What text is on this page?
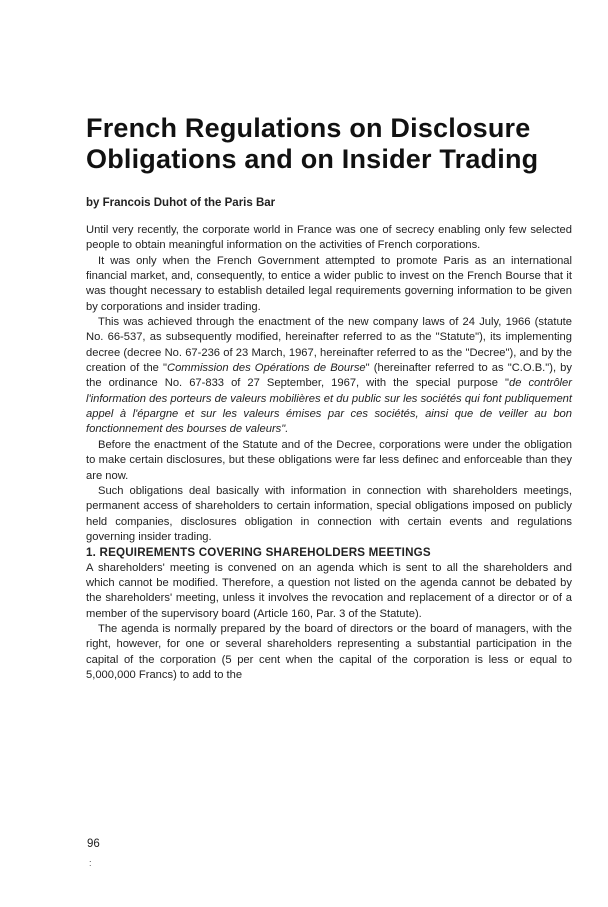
French Regulations on Disclosure
Obligations and on Insider Trading

by Francois Duhot of the Paris Bar

Until very recently, the corporate world in France was one of secrecy enabling only few selected people to obtain meaningful information on the activities of French corporations.

It was only when the French Government attempted to promote Paris as an international financial market, and, consequently, to entice a wider public to invest on the French Bourse that it was thought necessary to establish detailed legal requirements governing information to be given by corporations and insider trading.

This was achieved through the enactment of the new company laws of 24 July, 1966 (statute No. 66-537, as subsequently modified, hereinafter referred to as the "Statute"), its implementing decree (decree No. 67-236 of 23 March, 1967, hereinafter referred to as the "Decree"), and by the creation of the "Commission des Opérations de Bourse" (hereinafter referred to as "C.O.B."), by the ordinance No. 67-833 of 27 September, 1967, with the special purpose "de contrôler l'information des porteurs de valeurs mobilières et du public sur les sociétés qui font publiquement appel à l'épargne et sur les valeurs émises par ces sociétés, ainsi que de veiller au bon fonctionnement des bourses de valeurs".

Before the enactment of the Statute and of the Decree, corporations were under the obligation to make certain disclosures, but these obligations were far less definec and enforceable than they are now.

Such obligations deal basically with information in connection with shareholders meetings, permanent access of shareholders to certain information, special obligations imposed on publicly held companies, disclosures obligation in connection with certain events and regulations governing insider trading.

1. REQUIREMENTS COVERING SHAREHOLDERS MEETINGS

A shareholders' meeting is convened on an agenda which is sent to all the shareholders and which cannot be modified. Therefore, a question not listed on the agenda cannot be debated by the shareholders' meeting, unless it involves the revocation and replacement of a director or of a member of the supervisory board (Article 160, Par. 3 of the Statute).

The agenda is normally prepared by the board of directors or the board of managers, with the right, however, for one or several shareholders representing a substantial participation in the capital of the corporation (5 per cent when the capital of the corporation is less or equal to 5,000,000 Francs) to add to the

96

:
